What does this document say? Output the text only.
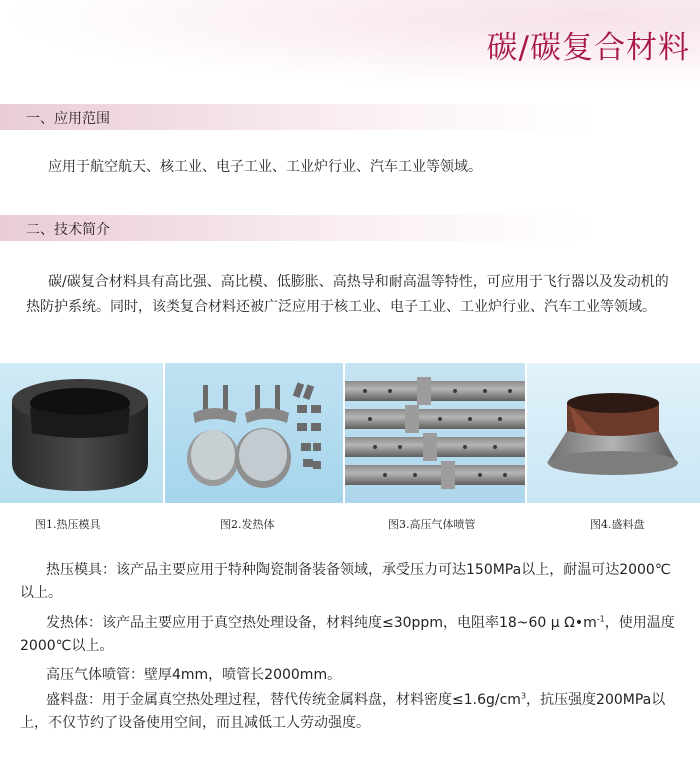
碳/碳复合材料
一、应用范围
应用于航空航天、核工业、电子工业、工业炉行业、汽车工业等领域。
二、技术简介
碳/碳复合材料具有高比强、高比模、低膨胀、高热导和耐高温等特性，可应用于飞行器以及发动机的热防护系统。同时，该类复合材料还被广泛应用于核工业、电子工业、工业炉行业、汽车工业等领域。
图1.热压模具	图2.发热体	图3.高压气体喷管	图4.盛料盘
热压模具：该产品主要应用于特种陶瓷制备装备领域，承受压力可达150MPa以上，耐温可达2000℃以上。
发热体：该产品主要应用于真空热处理设备，材料纯度≤30ppm，电阻率18~60 μ $\Omega•m^{-1}$，使用温度2000℃以上。
高压气体喷管：壁厚4mm，喷管长2000mm。
盛料盘：用于金属真空热处理过程，替代传统金属料盘，材料密度$\le 1.6g/cm^3$，抗压强度200MPa以上，不仅节约了设备使用空间，而且减低工人劳动强度。
